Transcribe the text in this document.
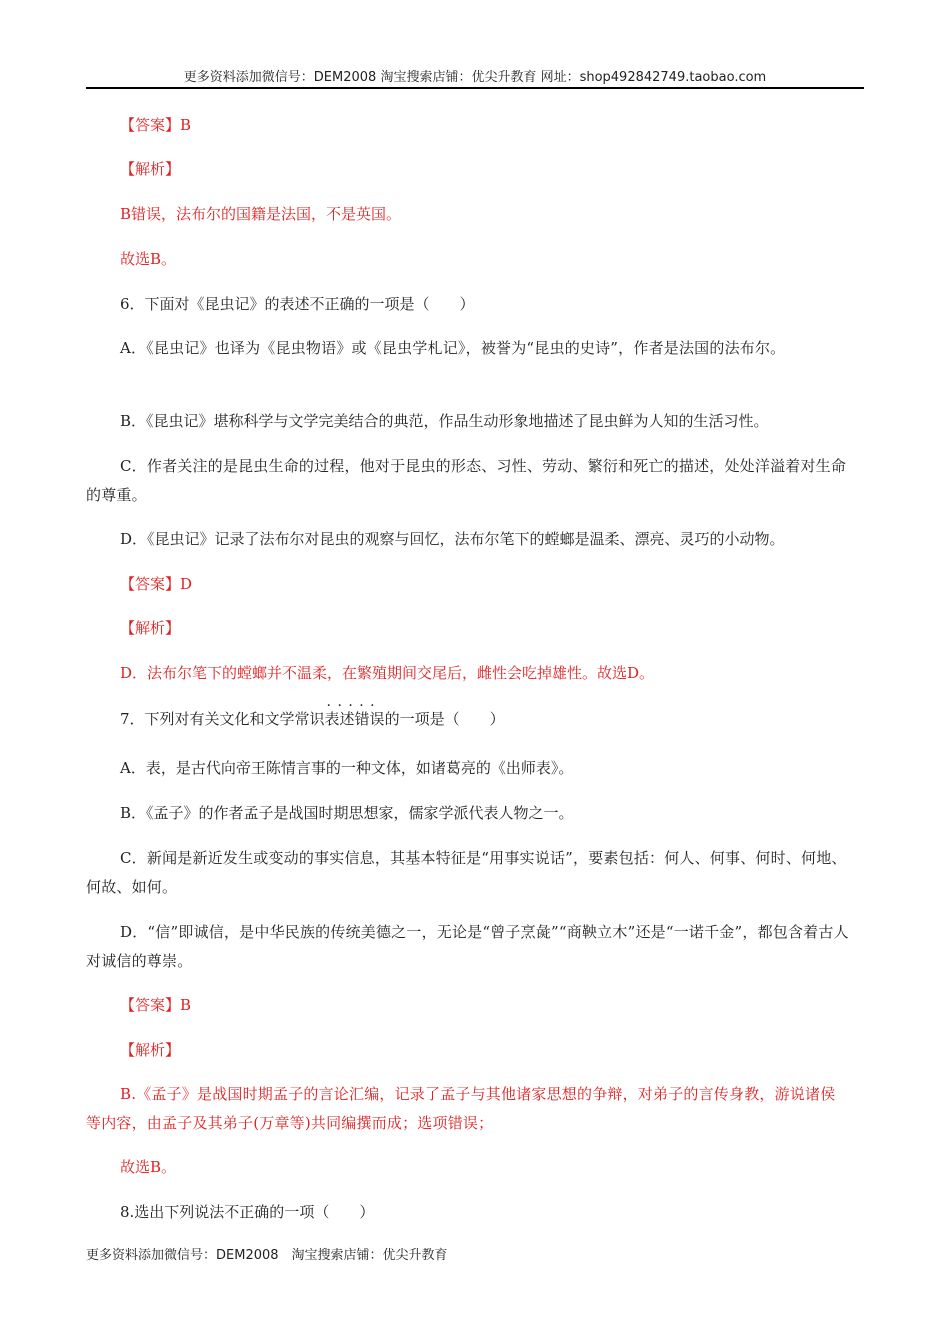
更多资料添加微信号：DEM2008 淘宝搜索店铺：优尖升教育 网址：shop492842749.taobao.com
【答案】B
【解析】
B错误，法布尔的国籍是法国，不是英国。
故选B。
6．下面对《昆虫记》的表述不正确的一项是（　　）
A．《昆虫记》也译为《昆虫物语》或《昆虫学札记》，被誉为“昆虫的史诗”，作者是法国的法布尔。
B．《昆虫记》堪称科学与文学完美结合的典范，作品生动形象地描述了昆虫鲜为人知的生活习性。
C．作者关注的是昆虫生命的过程，他对于昆虫的形态、习性、劳动、繁衍和死亡的描述，处处洋溢着对生命的尊重。
D．《昆虫记》记录了法布尔对昆虫的观察与回忆，法布尔笔下的螳螂是温柔、漂亮、灵巧的小动物。
【答案】D
【解析】
D．法布尔笔下的螳螂并不温柔，在繁殖期间交尾后，雌性会吃掉雄性。故选D。
7．下列对有关文化和文学常识· · · 表述错误的一项是（　　）
A．表，是古代向帝王陈情言事的一种文体，如诸葛亮的《出师表》。
B．《孟子》的作者孟子是战国时期思想家，儒家学派代表人物之一。
C．新闻是新近发生或变动的事实信息，其基本特征是“用事实说话”，要素包括：何人、何事、何时、何地、何故、如何。
D．“信”即诚信，是中华民族的传统美德之一，无论是“曾子烹彘”“商鞅立木”还是“一诺千金”，都包含着古人对诚信的尊崇。
【答案】B
【解析】
B.《孟子》是战国时期孟子的言论汇编，记录了孟子与其他诸家思想的争辩，对弟子的言传身教，游说诸侯等内容，由孟子及其弟子(万章等)共同编撰而成；选项错误；
故选B。
8.选出下列说法不正确的一项（　　）
更多资料添加微信号：DEM2008　淘宝搜索店铺：优尖升教育
